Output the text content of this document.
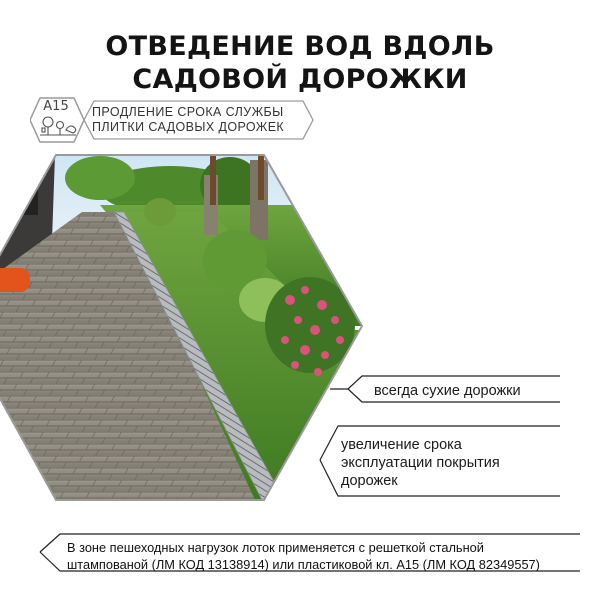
ОТВЕДЕНИЕ ВОД ВДОЛЬ
САДОВОЙ ДОРОЖКИ
A15	ПРОДЛЕНИЕ СРОКА СЛУЖБЫ
ПЛИТКИ САДОВЫХ ДОРОЖЕК
всегда сухие дорожки
увеличение срока
эксплуатации покрытия
дорожек
В зоне пешеходных нагрузок лоток применяется с решеткой стальной
штампованой (ЛМ КОД 13138914) или пластиковой кл. А15 (ЛМ КОД 82349557)
